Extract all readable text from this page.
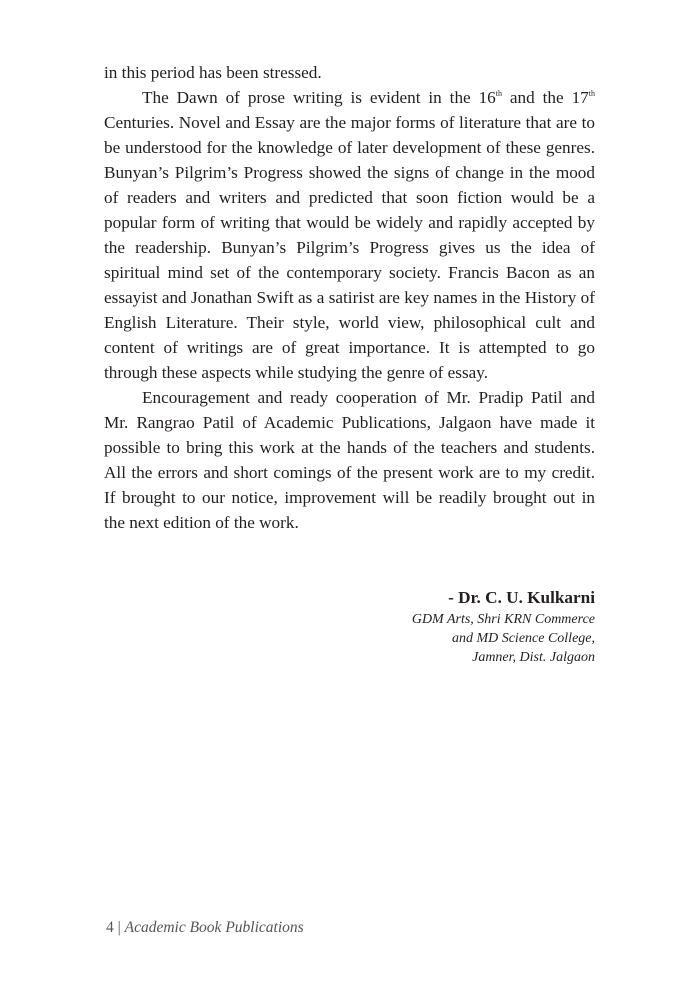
in this period has been stressed.

The Dawn of prose writing is evident in the 16th and the 17th Centuries. Novel and Essay are the major forms of literature that are to be understood for the knowledge of later development of these genres. Bunyan’s Pilgrim’s Progress showed the signs of change in the mood of readers and writers and predicted that soon fiction would be a popular form of writing that would be widely and rapidly accepted by the readership. Bunyan’s Pilgrim’s Progress gives us the idea of spiritual mind set of the contemporary society. Francis Bacon as an essayist and Jonathan Swift as a satirist are key names in the History of English Literature. Their style, world view, philosophical cult and content of writings are of great importance. It is attempted to go through these aspects while studying the genre of essay.

Encouragement and ready cooperation of Mr. Pradip Patil and Mr. Rangrao Patil of Academic Publications, Jalgaon have made it possible to bring this work at the hands of the teachers and students. All the errors and short comings of the present work are to my credit. If brought to our notice, improvement will be readily brought out in the next edition of the work.

- Dr. C. U. Kulkarni
GDM Arts, Shri KRN Commerce
and MD Science College,
Jamner, Dist. Jalgaon
4 | Academic Book Publications
